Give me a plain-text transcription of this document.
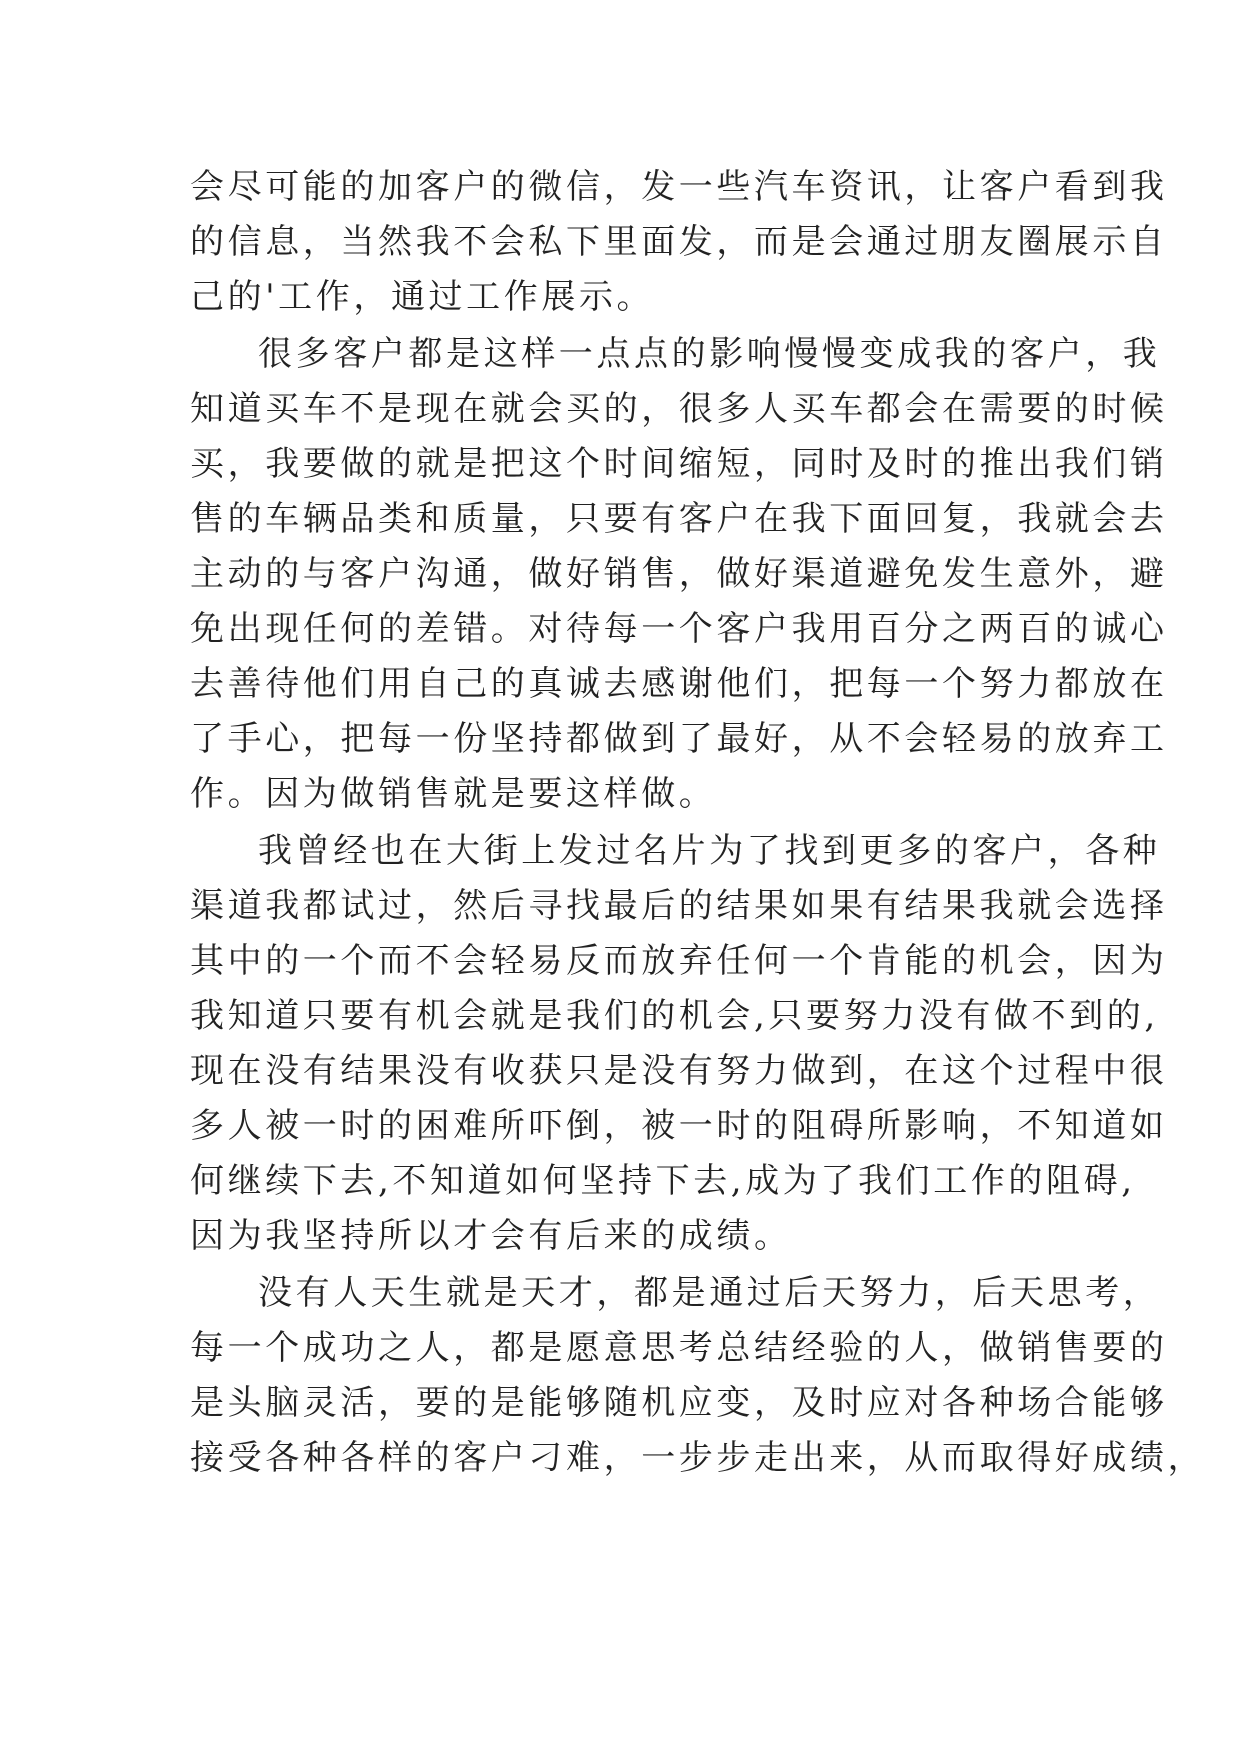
会尽可能的加客户的微信，发一些汽车资讯，让客户看到我
的信息，当然我不会私下里面发，而是会通过朋友圈展示自
己的'工作，通过工作展示。
很多客户都是这样一点点的影响慢慢变成我的客户，我
知道买车不是现在就会买的，很多人买车都会在需要的时候
买，我要做的就是把这个时间缩短，同时及时的推出我们销
售的车辆品类和质量，只要有客户在我下面回复，我就会去
主动的与客户沟通，做好销售，做好渠道避免发生意外，避
免出现任何的差错。对待每一个客户我用百分之两百的诚心
去善待他们用自己的真诚去感谢他们，把每一个努力都放在
了手心，把每一份坚持都做到了最好，从不会轻易的放弃工
作。因为做销售就是要这样做。
我曾经也在大街上发过名片为了找到更多的客户，各种
渠道我都试过，然后寻找最后的结果如果有结果我就会选择
其中的一个而不会轻易反而放弃任何一个肯能的机会，因为
我知道只要有机会就是我们的机会,只要努力没有做不到的,
现在没有结果没有收获只是没有努力做到，在这个过程中很
多人被一时的困难所吓倒，被一时的阻碍所影响，不知道如
何继续下去,不知道如何坚持下去,成为了我们工作的阻碍,
因为我坚持所以才会有后来的成绩。
没有人天生就是天才，都是通过后天努力，后天思考，
每一个成功之人，都是愿意思考总结经验的人，做销售要的
是头脑灵活，要的是能够随机应变，及时应对各种场合能够
接受各种各样的客户刁难，一步步走出来，从而取得好成绩，
